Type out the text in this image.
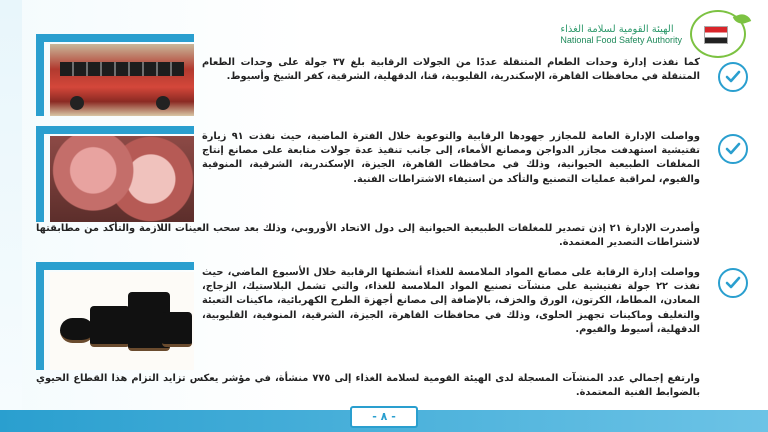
الهيئة القومية لسلامة الغذاء
National Food Safety Authority
كما نفذت إدارة وحدات الطعام المتنقلة عددًا من الجولات الرقابية بلغ ٣٧ جولة على وحدات الطعام المتنقلة في محافظات القاهرة، الإسكندرية، القليوبية، قنا، الدقهلية، الشرقية، كفر الشيخ وأسيوط.
وواصلت الإدارة العامة للمجازر جهودها الرقابية والتوعوية خلال الفترة الماضية، حيث نفذت ٩١ زيارة تفتيشية استهدفت مجازر الدواجن ومصانع الأمعاء، إلى جانب تنفيذ عدة جولات متابعة على مصانع إنتاج المغلفات الطبيعية الحيوانية، وذلك في محافظات القاهرة، الجيزة، الإسكندرية، الشرقية، المنوفية والفيوم، لمراقبة عمليات التصنيع والتأكد من استيفاء الاشتراطات الفنية.
وأصدرت الإدارة ٢١ إذن تصدير للمغلفات الطبيعية الحيوانية إلى دول الاتحاد الأوروبي، وذلك بعد سحب العينات اللازمة والتأكد من مطابقتها لاشتراطات التصدير المعتمدة.
وواصلت إدارة الرقابة على مصانع المواد الملامسة للغذاء أنشطتها الرقابية خلال الأسبوع الماضي، حيث نفذت ٢٢ جولة تفتيشية على منشآت تصنيع المواد الملامسة للغذاء، والتي تشمل البلاستيك، الزجاج، المعادن، المطاط، الكرتون، الورق والخزف، بالإضافة إلى مصانع أجهزة الطرح الكهربائية، ماكينات التعبئة والتغليف وماكينات تجهيز الحلوى، وذلك في محافظات القاهرة، الجيزة، الشرقية، المنوفية، القليوبية، الدقهلية، أسيوط والفيوم.
وارتفع إجمالي عدد المنشآت المسجلة لدى الهيئة القومية لسلامة الغذاء إلى ٧٧٥ منشأة، في مؤشر يعكس تزايد التزام هذا القطاع الحيوي بالضوابط الفنية المعتمدة.
- ٨ -
